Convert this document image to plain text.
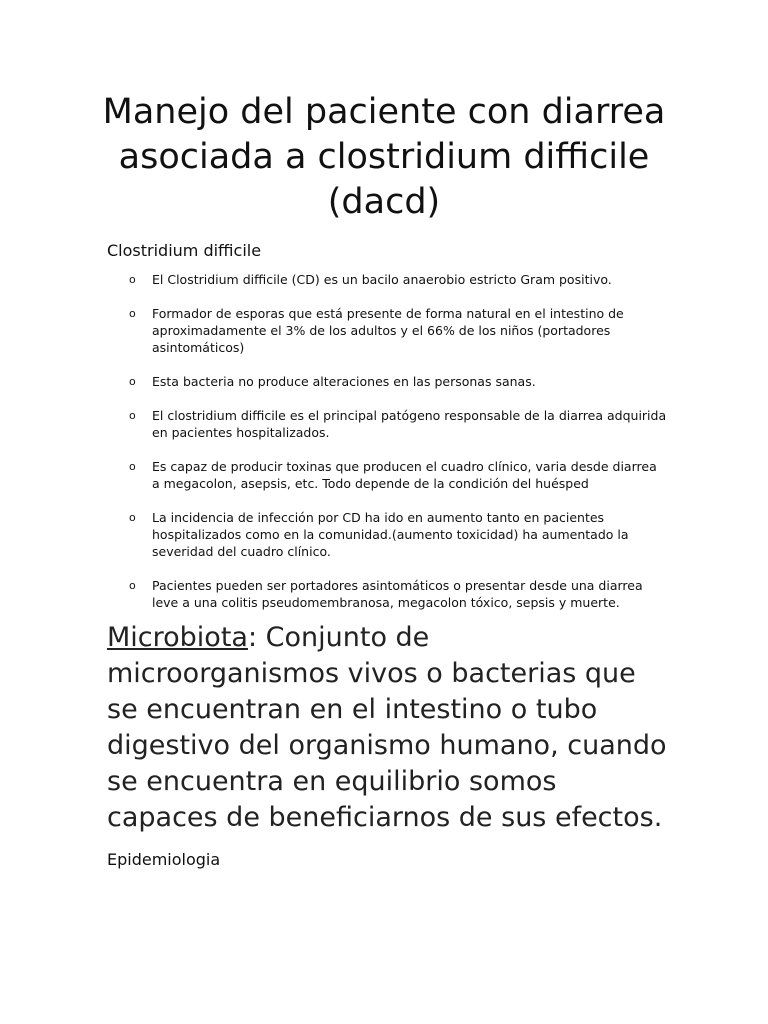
Manejo del paciente con diarrea asociada a clostridium difficile (dacd)
Clostridium difficile
o El Clostridium difficile (CD) es un bacilo anaerobio estricto Gram positivo.
o Formador de esporas que está presente de forma natural en el intestino de aproximadamente el 3% de los adultos y el 66% de los niños (portadores asintomáticos)
o Esta bacteria no produce alteraciones en las personas sanas.
o El clostridium difficile es el principal patógeno responsable de la diarrea adquirida en pacientes hospitalizados.
o Es capaz de producir toxinas que producen el cuadro clínico, varia desde diarrea a megacolon, asepsis, etc. Todo depende de la condición del huésped
o La incidencia de infección por CD ha ido en aumento tanto en pacientes hospitalizados como en la comunidad.(aumento toxicidad) ha aumentado la severidad del cuadro clínico.
o Pacientes pueden ser portadores asintomáticos o presentar desde una diarrea leve a una colitis pseudomembranosa, megacolon tóxico, sepsis y muerte.

Microbiota: Conjunto de microorganismos vivos o bacterias que se encuentran en el intestino o tubo digestivo del organismo humano, cuando se encuentra en equilibrio somos capaces de beneficiarnos de sus efectos.

Epidemiologia
